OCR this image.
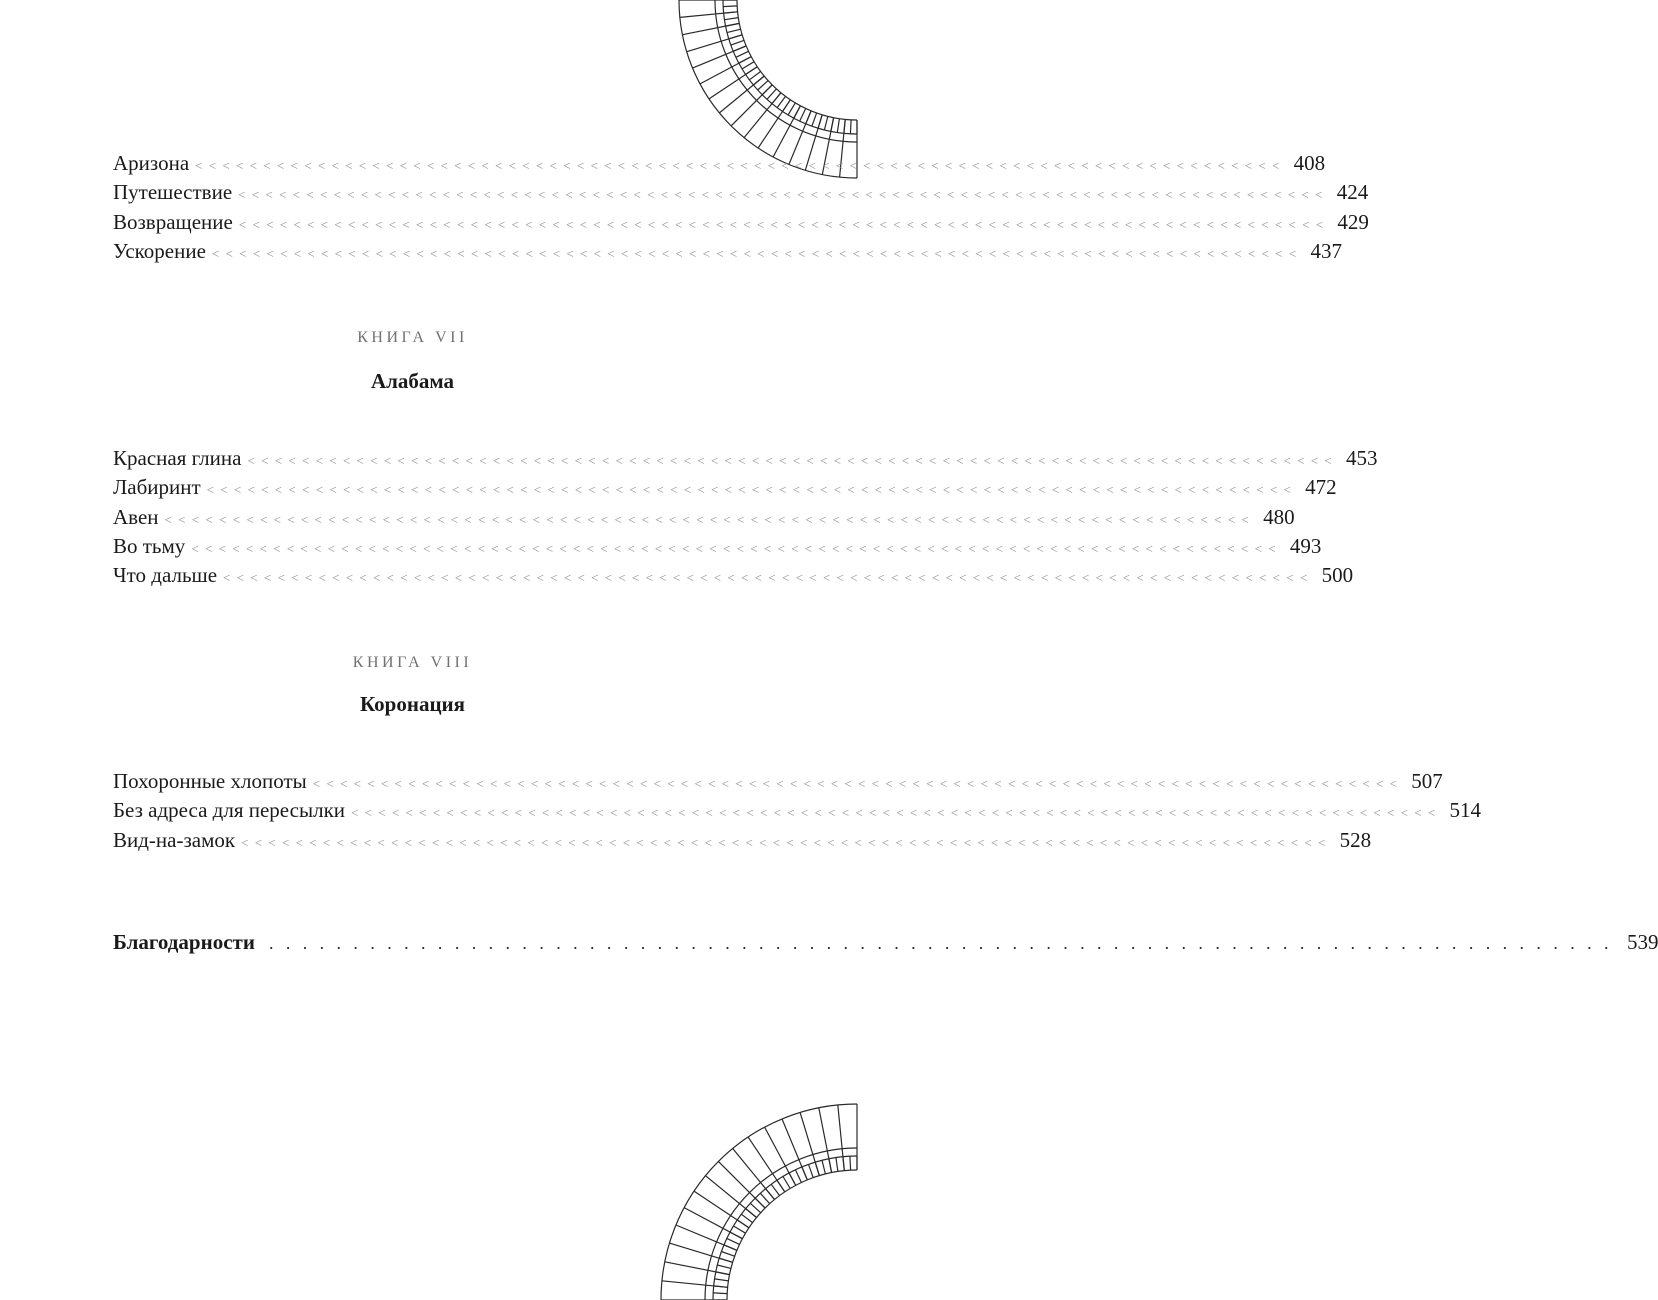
Аризона >>>>>>>>>>>>>>>>>>>>>>>>>>>>>>>>>>>>>>>>>>>>>>>>>>>>>>>>>>>>>>>>>>>>>>>>>>>>>>>> 408
Путешествие >>>>>>>>>>>>>>>>>>>>>>>>>>>>>>>>>>>>>>>>>>>>>>>>>>>>>>>>>>>>>>>>>>>>>>>>>>>>>>>> 424
Возвращение >>>>>>>>>>>>>>>>>>>>>>>>>>>>>>>>>>>>>>>>>>>>>>>>>>>>>>>>>>>>>>>>>>>>>>>>>>>>>>>> 429
Ускорение >>>>>>>>>>>>>>>>>>>>>>>>>>>>>>>>>>>>>>>>>>>>>>>>>>>>>>>>>>>>>>>>>>>>>>>>>>>>>>>> 437
КНИГА VII
Алабама
Красная глина >>>>>>>>>>>>>>>>>>>>>>>>>>>>>>>>>>>>>>>>>>>>>>>>>>>>>>>>>>>>>>>>>>>>>>>>>>>>>>>> 453
Лабиринт >>>>>>>>>>>>>>>>>>>>>>>>>>>>>>>>>>>>>>>>>>>>>>>>>>>>>>>>>>>>>>>>>>>>>>>>>>>>>>>> 472
Авен >>>>>>>>>>>>>>>>>>>>>>>>>>>>>>>>>>>>>>>>>>>>>>>>>>>>>>>>>>>>>>>>>>>>>>>>>>>>>>>> 480
Во тьму >>>>>>>>>>>>>>>>>>>>>>>>>>>>>>>>>>>>>>>>>>>>>>>>>>>>>>>>>>>>>>>>>>>>>>>>>>>>>>>> 493
Что дальше >>>>>>>>>>>>>>>>>>>>>>>>>>>>>>>>>>>>>>>>>>>>>>>>>>>>>>>>>>>>>>>>>>>>>>>>>>>>>>>> 500
КНИГА VIII
Коронация
Похоронные хлопоты >>>>>>>>>>>>>>>>>>>>>>>>>>>>>>>>>>>>>>>>>>>>>>>>>>>>>>>>>>>>>>>>>>>>>>>>>>>>>>>> 507
Без адреса для пересылки >>>>>>>>>>>>>>>>>>>>>>>>>>>>>>>>>>>>>>>>>>>>>>>>>>>>>>>>>>>>>>>>>>>>>>>>>>>>>>>> 514
Вид-на-замок >>>>>>>>>>>>>>>>>>>>>>>>>>>>>>>>>>>>>>>>>>>>>>>>>>>>>>>>>>>>>>>>>>>>>>>>>>>>>>>> 528
Благодарности ................................................................................ 539
